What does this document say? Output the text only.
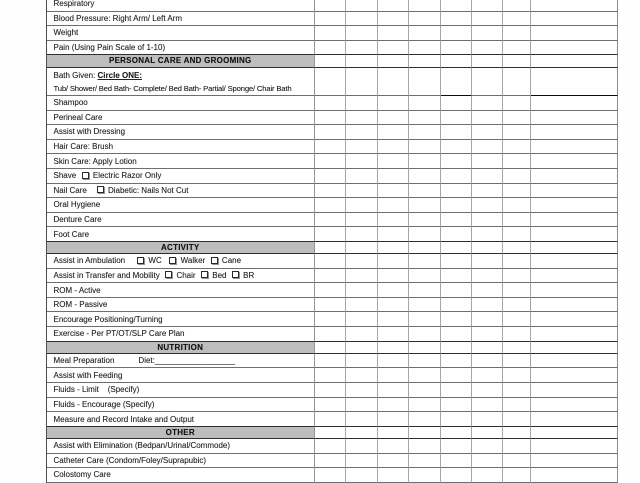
Respiratory
Blood Pressure: Right Arm/ Left Arm
Weight
Pain (Using Pain Scale of 1-10)
PERSONAL CARE AND GROOMING
Bath Given: Circle ONE:
Tub/ Shower/ Bed Bath- Complete/ Bed Bath- Partial/ Sponge/ Chair Bath
Shampoo
Perineal Care
Assist with Dressing
Hair Care: Brush
Skin Care: Apply Lotion
Shave Electric Razor Only
Nail Care Diabetic: Nails Not Cut
Oral Hygiene
Denture Care
Foot Care
ACTIVITY
Assist in Ambulation WC Walker Cane
Assist in Transfer and Mobility Chair Bed BR
ROM - Active
ROM - Passive
Encourage Positioning/Turning
Exercise - Per PT/OT/SLP Care Plan
NUTRITION
Meal Preparation	Diet:__________________
Assist with Feeding
Fluids - Limit    (Specify)
Fluids - Encourage (Specify)
Measure and Record Intake and Output
OTHER
Assist with Elimination (Bedpan/Urinal/Commode)
Catheter Care (Condom/Foley/Suprapubic)
Colostomy Care
